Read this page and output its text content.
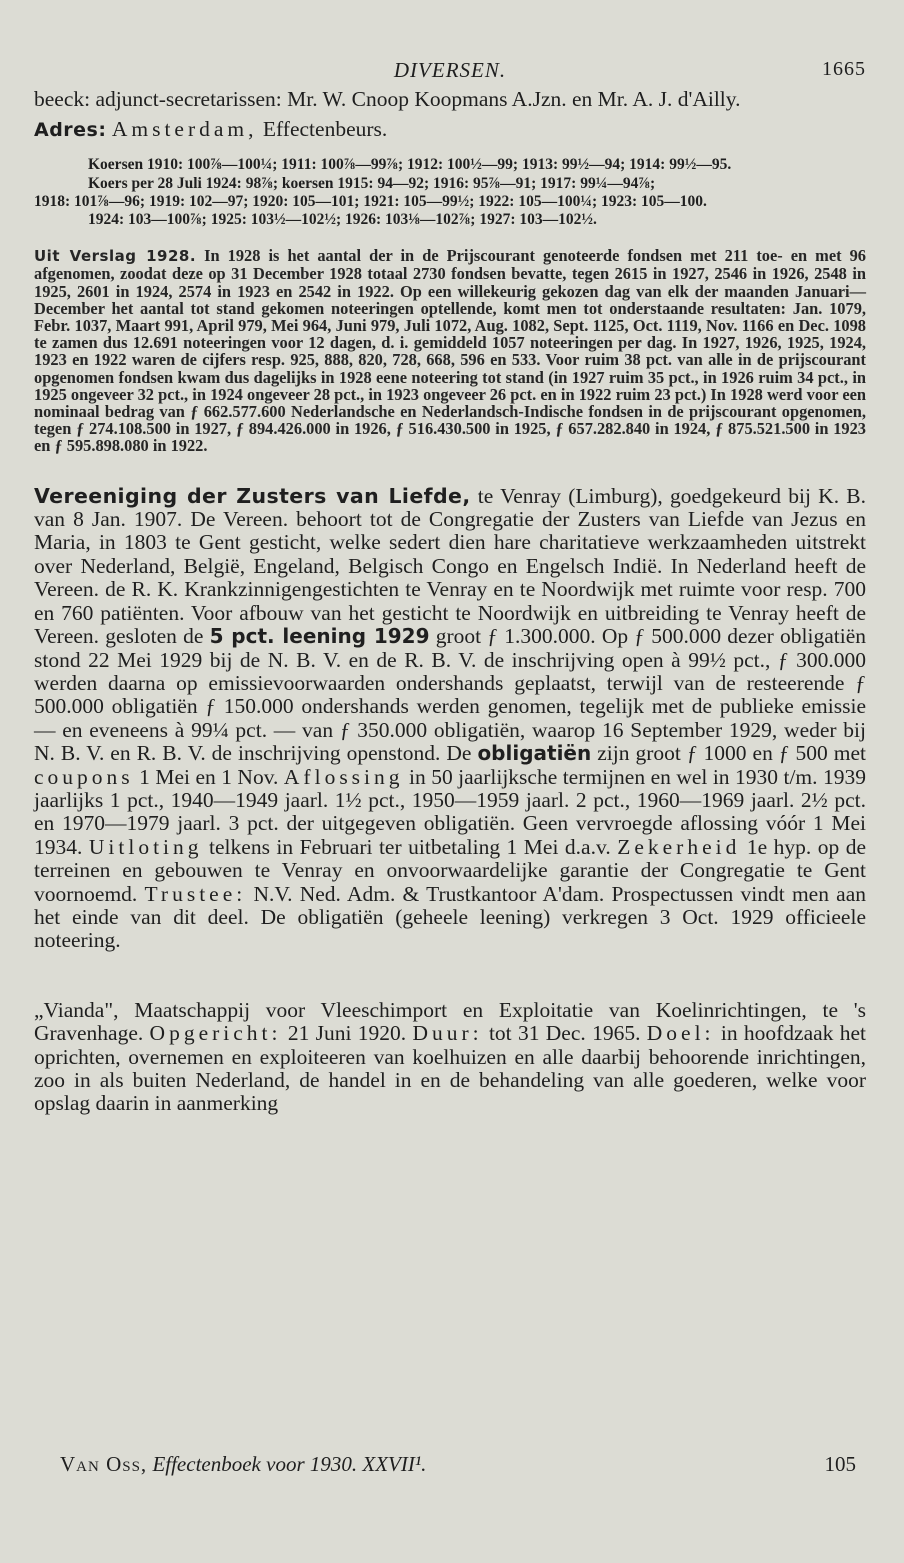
DIVERSEN.	1665

beeck: adjunct-secretarissen: Mr. W. Cnoop Koopmans A.Jzn. en Mr. A. J. d'Ailly.

Adres: Amsterdam, Effectenbeurs.

Koersen 1910: 100⅞—100¼; 1911: 100⅞—99⅞; 1912: 100½—99; 1913: 99½—94; 1914: 99½—95.
Koers per 28 Juli 1924: 98⅞; koersen 1915: 94—92; 1916: 95⅞—91; 1917: 99¼—94⅞;
1918: 101⅞—96; 1919: 102—97; 1920: 105—101; 1921: 105—99½; 1922: 105—100¼; 1923: 105—100.
1924: 103—100⅞; 1925: 103½—102½; 1926: 103⅛—102⅞; 1927: 103—102½.

Uit Verslag 1928. In 1928 is het aantal der in de Prijscourant genoteerde fondsen met 211 toe- en met 96 afgenomen, zoodat deze op 31 December 1928 totaal 2730 fondsen bevatte, tegen 2615 in 1927, 2546 in 1926, 2548 in 1925, 2601 in 1924, 2574 in 1923 en 2542 in 1922. Op een willekeurig gekozen dag van elk der maanden Januari—December het aantal tot stand gekomen noteeringen optellende, komt men tot onderstaande resultaten: Jan. 1079, Febr. 1037, Maart 991, April 979, Mei 964, Juni 979, Juli 1072, Aug. 1082, Sept. 1125, Oct. 1119, Nov. 1166 en Dec. 1098 te zamen dus 12.691 noteeringen voor 12 dagen, d. i. gemiddeld 1057 noteeringen per dag. In 1927, 1926, 1925, 1924, 1923 en 1922 waren de cijfers resp. 925, 888, 820, 728, 668, 596 en 533. Voor ruim 38 pct. van alle in de prijscourant opgenomen fondsen kwam dus dagelijks in 1928 eene noteering tot stand (in 1927 ruim 35 pct., in 1926 ruim 34 pct., in 1925 ongeveer 32 pct., in 1924 ongeveer 28 pct., in 1923 ongeveer 26 pct. en in 1922 ruim 23 pct.) In 1928 werd voor een nominaal bedrag van ƒ 662.577.600 Nederlandsche en Nederlandsch-Indische fondsen in de prijscourant opgenomen, tegen ƒ 274.108.500 in 1927, ƒ 894.426.000 in 1926, ƒ 516.430.500 in 1925, ƒ 657.282.840 in 1924, ƒ 875.521.500 in 1923 en ƒ 595.898.080 in 1922.

Vereeniging der Zusters van Liefde, te Venray (Limburg), goedgekeurd bij K. B. van 8 Jan. 1907. De Vereen. behoort tot de Congregatie der Zusters van Liefde van Jezus en Maria, in 1803 te Gent gesticht, welke sedert dien hare charitatieve werkzaamheden uitstrekt over Nederland, België, Engeland, Belgisch Congo en Engelsch Indië. In Nederland heeft de Vereen. de R. K. Krankzinnigengestichten te Venray en te Noordwijk met ruimte voor resp. 700 en 760 patiënten. Voor afbouw van het gesticht te Noordwijk en uitbreiding te Venray heeft de Vereen. gesloten de 5 pct. leening 1929 groot ƒ 1.300.000. Op ƒ 500.000 dezer obligatiën stond 22 Mei 1929 bij de N. B. V. en de R. B. V. de inschrijving open à 99½ pct., ƒ 300.000 werden daarna op emissievoorwaarden ondershands geplaatst, terwijl van de resteerende ƒ 500.000 obligatiën ƒ 150.000 ondershands werden genomen, tegelijk met de publieke emissie — en eveneens à 99¼ pct. — van ƒ 350.000 obligatiën, waarop 16 September 1929, weder bij N. B. V. en R. B. V. de inschrijving openstond. De obligatiën zijn groot ƒ 1000 en ƒ 500 met coupons 1 Mei en 1 Nov. Aflossing in 50 jaarlijksche termijnen en wel in 1930 t/m. 1939 jaarlijks 1 pct., 1940—1949 jaarl. 1½ pct., 1950—1959 jaarl. 2 pct., 1960—1969 jaarl. 2½ pct. en 1970—1979 jaarl. 3 pct. der uitgegeven obligatiën. Geen vervroegde aflossing vóór 1 Mei 1934. Uitloting telkens in Februari ter uitbetaling 1 Mei d.a.v. Zekerheid 1e hyp. op de terreinen en gebouwen te Venray en onvoorwaardelijke garantie der Congregatie te Gent voornoemd. Trustee: N.V. Ned. Adm. & Trustkantoor A'dam. Prospectussen vindt men aan het einde van dit deel. De obligatiën (geheele leening) verkregen 3 Oct. 1929 officieele noteering.

„Vianda", Maatschappij voor Vleeschimport en Exploitatie van Koelinrichtingen, te 's Gravenhage. Opgericht: 21 Juni 1920. Duur: tot 31 Dec. 1965. Doel: in hoofdzaak het oprichten, overnemen en exploiteeren van koelhuizen en alle daarbij behoorende inrichtingen, zoo in als buiten Nederland, de handel in en de behandeling van alle goederen, welke voor opslag daarin in aanmerking

Van Oss, Effectenboek voor 1930. XXVII¹.	105
